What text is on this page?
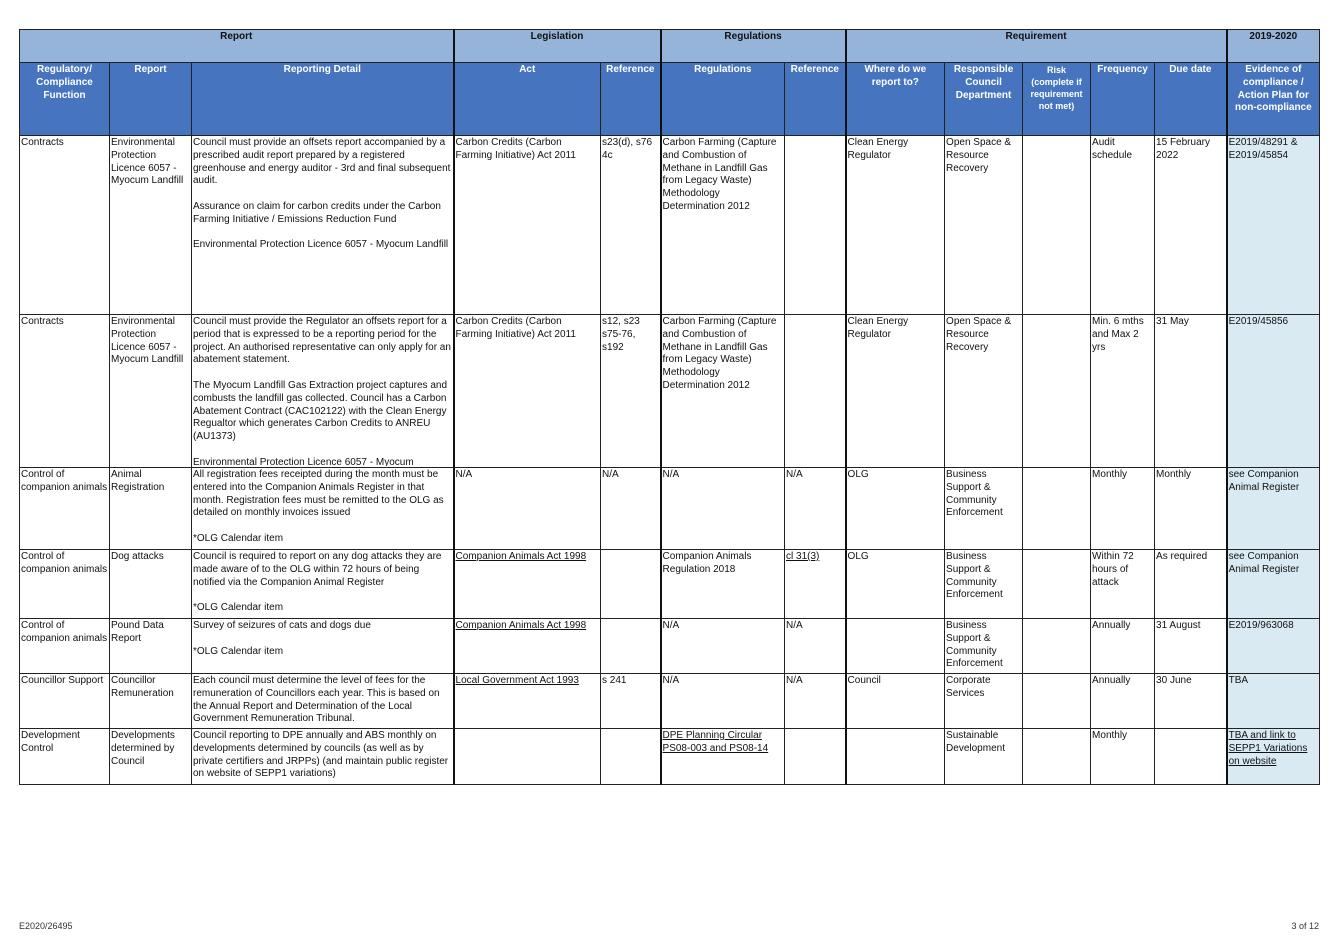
Report			Legislation		Regulations		Requirement					2019-2020

Regulatory/
Compliance
Function	Report	Reporting Detail	Act	Reference	Regulations	Reference	Where do we
report to?	Responsible
Council
Department	Risk
(complete if
requirement
not met)	Frequency	Due date	Evidence of
compliance /
Action Plan for
non-compliance

Contracts	Environmental Protection Licence 6057 - Myocum Landfill	Council must provide an offsets report accompanied by a prescribed audit report prepared by a registered greenhouse and energy auditor - 3rd and final subsequent audit.

Assurance on claim for carbon credits under the Carbon Farming Initiative / Emissions Reduction Fund

Environmental Protection Licence 6057 - Myocum Landfill	Carbon Credits (Carbon Farming Initiative) Act 2011	s23(d), s76 4c	Carbon Farming (Capture and Combustion of Methane in Landfill Gas from Legacy Waste) Methodology Determination 2012		Clean Energy Regulator	Open Space & Resource Recovery		Audit schedule	15 February 2022	E2019/48291 & E2019/45854
Contracts	Environmental Protection Licence 6057 - Myocum Landfill	Council must provide the Regulator an offsets report for a period that is expressed to be a reporting period for the project. An authorised representative can only apply for an abatement statement.

The Myocum Landfill Gas Extraction project captures and combusts the landfill gas collected. Council has a Carbon Abatement Contract (CAC102122) with the Clean Energy Regualtor which generates Carbon Credits to ANREU (AU1373)

Environmental Protection Licence 6057 - Myocum	Carbon Credits (Carbon Farming Initiative) Act 2011	s12, s23 s75-76, s192	Carbon Farming (Capture and Combustion of Methane in Landfill Gas from Legacy Waste) Methodology Determination 2012		Clean Energy Regulator	Open Space & Resource Recovery		Min. 6 mths and Max 2 yrs	31 May	E2019/45856
Control of companion animals	Animal Registration	All registration fees receipted during the month must be entered into the Companion Animals Register in that month. Registration fees must be remitted to the OLG as detailed on monthly invoices issued

*OLG Calendar item	N/A	N/A	N/A	N/A	OLG	Business Support & Community Enforcement		Monthly	Monthly	see Companion Animal Register
Control of companion animals	Dog attacks	Council is required to report on any dog attacks they are made aware of to the OLG within 72 hours of being notified via the Companion Animal Register

*OLG Calendar item	Companion Animals Act 1998		Companion Animals Regulation 2018	cl 31(3)	OLG	Business Support & Community Enforcement		Within 72 hours of attack	As required	see Companion Animal Register
Control of companion animals	Pound Data Report	Survey of seizures of cats and dogs due

*OLG Calendar item	Companion Animals Act 1998		N/A	N/A		Business Support & Community Enforcement		Annually	31 August	E2019/963068
Councillor Support	Councillor Remuneration	Each council must determine the level of fees for the remuneration of Councillors each year. This is based on the Annual Report and Determination of the Local Government Remuneration Tribunal.	Local Government Act 1993	s 241	N/A	N/A	Council	Corporate Services		Annually	30 June	TBA
Development Control	Developments determined by Council	Council reporting to DPE annually and ABS monthly on developments determined by councils (as well as by private certifiers and JRPPs) (and maintain public register on website of SEPP1 variations)			DPE Planning Circular PS08-003 and PS08-14			Sustainable Development		Monthly		TBA and link to SEPP1 Variations on website
E2020/26495	3 of 12
